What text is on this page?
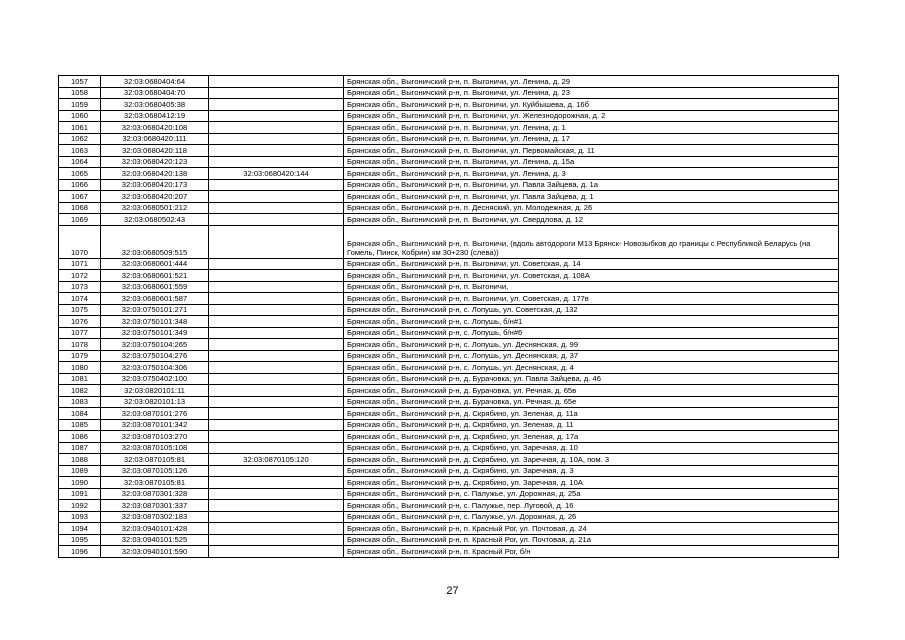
1057	32:03:0680404:64		Брянская обл., Выгоничский р-н, п. Выгоничи, ул. Ленина, д. 29
1058	32:03:0680404:70		Брянская обл., Выгоничский р-н, п. Выгоничи, ул. Ленина, д. 23
1059	32:03:0680405:38		Брянская обл., Выгоничский р-н, п. Выгоничи, ул. Куйбышева, д. 16б
1060	32:03:0680412:19		Брянская обл., Выгоничский р-н, п. Выгоничи, ул. Железнодорожная, д. 2
1061	32:03:0680420:108		Брянская обл., Выгоничский р-н, п. Выгоничи, ул. Ленина, д. 1
1062	32:03:0680420:111		Брянская обл., Выгоничский р-н, п. Выгоничи, ул. Ленина, д. 17
1063	32:03:0680420:118		Брянская обл., Выгоничский р-н, п. Выгоничи, ул. Первомайская, д. 11
1064	32:03:0680420:123		Брянская обл., Выгоничский р-н, п. Выгоничи, ул. Ленина, д. 15а
1065	32:03:0680420:138	32:03:0680420:144	Брянская обл., Выгоничский р-н, п. Выгоничи, ул. Ленина, д. 3
1066	32:03:0680420:173		Брянская обл., Выгоничский р-н, п. Выгоничи, ул. Павла Зайцева, д. 1а
1067	32:03:0680420:207		Брянская обл., Выгоничский р-н, п. Выгоничи, ул. Павла Зайцева, д. 1
1068	32:03:0680501:212		Брянская обл., Выгоничский р-н, п. Десняский, ул. Молодежная, д. 26
1069	32:03:0680502:43		Брянская обл., Выгоничский р-н, п. Выгоничи, ул. Свердлова, д. 12
1070	32:03:0680509:515		Брянская обл., Выгоничский р-н, п. Выгоничи, (вдоль автодороги М13 Брянск- Новозыбков до границы с Республикой Беларусь (на Гомель, Пинск, Кобрин) км 30+230 (слева))
1071	32:03:0680601:444		Брянская обл., Выгоничский р-н, п. Выгоничи, ул. Советская, д. 14
1072	32:03:0680601:521		Брянская обл., Выгоничский р-н, п. Выгоничи, ул. Советская, д. 108А
1073	32:03:0680601:559		Брянская обл., Выгоничский р-н, п. Выгоничи,
1074	32:03:0680601:587		Брянская обл., Выгоничский р-н, п. Выгоничи, ул. Советская, д. 177в
1075	32:03:0750101:271		Брянская обл., Выгоничский р-н, с. Лопушь, ул. Советская, д. 132
1076	32:03:0750101:348		Брянская обл., Выгоничский р-н, с. Лопушь, б/н#1
1077	32:03:0750101:349		Брянская обл., Выгоничский р-н, с. Лопушь, б/н#6
1078	32:03:0750104:265		Брянская обл., Выгоничский р-н, с. Лопушь, ул. Деснянская, д. 99
1079	32:03:0750104:276		Брянская обл., Выгоничский р-н, с. Лопушь, ул. Деснянская, д. 37
1080	32:03:0750104:306		Брянская обл., Выгоничский р-н, с. Лопушь, ул. Деснянская, д. 4
1081	32:03:0750402:100		Брянская обл., Выгоничский р-н, д. Бурачовка, ул. Павла Зайцева, д. 46
1082	32:03:0820101:11		Брянская обл., Выгоничский р-н, д. Бурачовка, ул. Речная, д. 65в
1083	32:03:0820101:13		Брянская обл., Выгоничский р-н, д. Бурачовка, ул. Речная, д. 65е
1084	32:03:0870101:276		Брянская обл., Выгоничский р-н, д. Скрябино, ул. Зеленая, д. 11а
1085	32:03:0870101:342		Брянская обл., Выгоничский р-н, д. Скрябино, ул. Зеленая, д. 11
1086	32:03:0870103:270		Брянская обл., Выгоничский р-н, д. Скрябино, ул. Зеленая, д. 17а
1087	32:03:0870105:108		Брянская обл., Выгоничский р-н, д. Скрябино, ул. Заречная, д. 10
1088	32:03:0870105:81	32:03:0870105:120	Брянская обл., Выгоничский р-н, д. Скрябино, ул. Заречная, д. 10А, пом. 3
1089	32:03:0870105:126		Брянская обл., Выгоничский р-н, д. Скрябино, ул. Заречная, д. 3
1090	32:03:0870105:81		Брянская обл., Выгоничский р-н, д. Скрябино, ул. Заречная, д. 10А
1091	32:03:0870301:328		Брянская обл., Выгоничский р-н, с. Палужье, ул. Дорожная, д. 25а
1092	32:03:0870301:337		Брянская обл., Выгоничский р-н, с. Палужье, пер. Луговой, д. 16
1093	32:03:0870302:183		Брянская обл., Выгоничский р-н, с. Палужье, ул. Дорожная, д. 26
1094	32:03:0940101:428		Брянская обл., Выгоничский р-н, п. Красный Рог, ул. Почтовая, д. 24
1095	32:03:0940101:525		Брянская обл., Выгоничский р-н, п. Красный Рог, ул. Почтовая, д. 21а
1096	32:03:0940101:590		Брянская обл., Выгоничский р-н, п. Красный Рог, б/н
27
